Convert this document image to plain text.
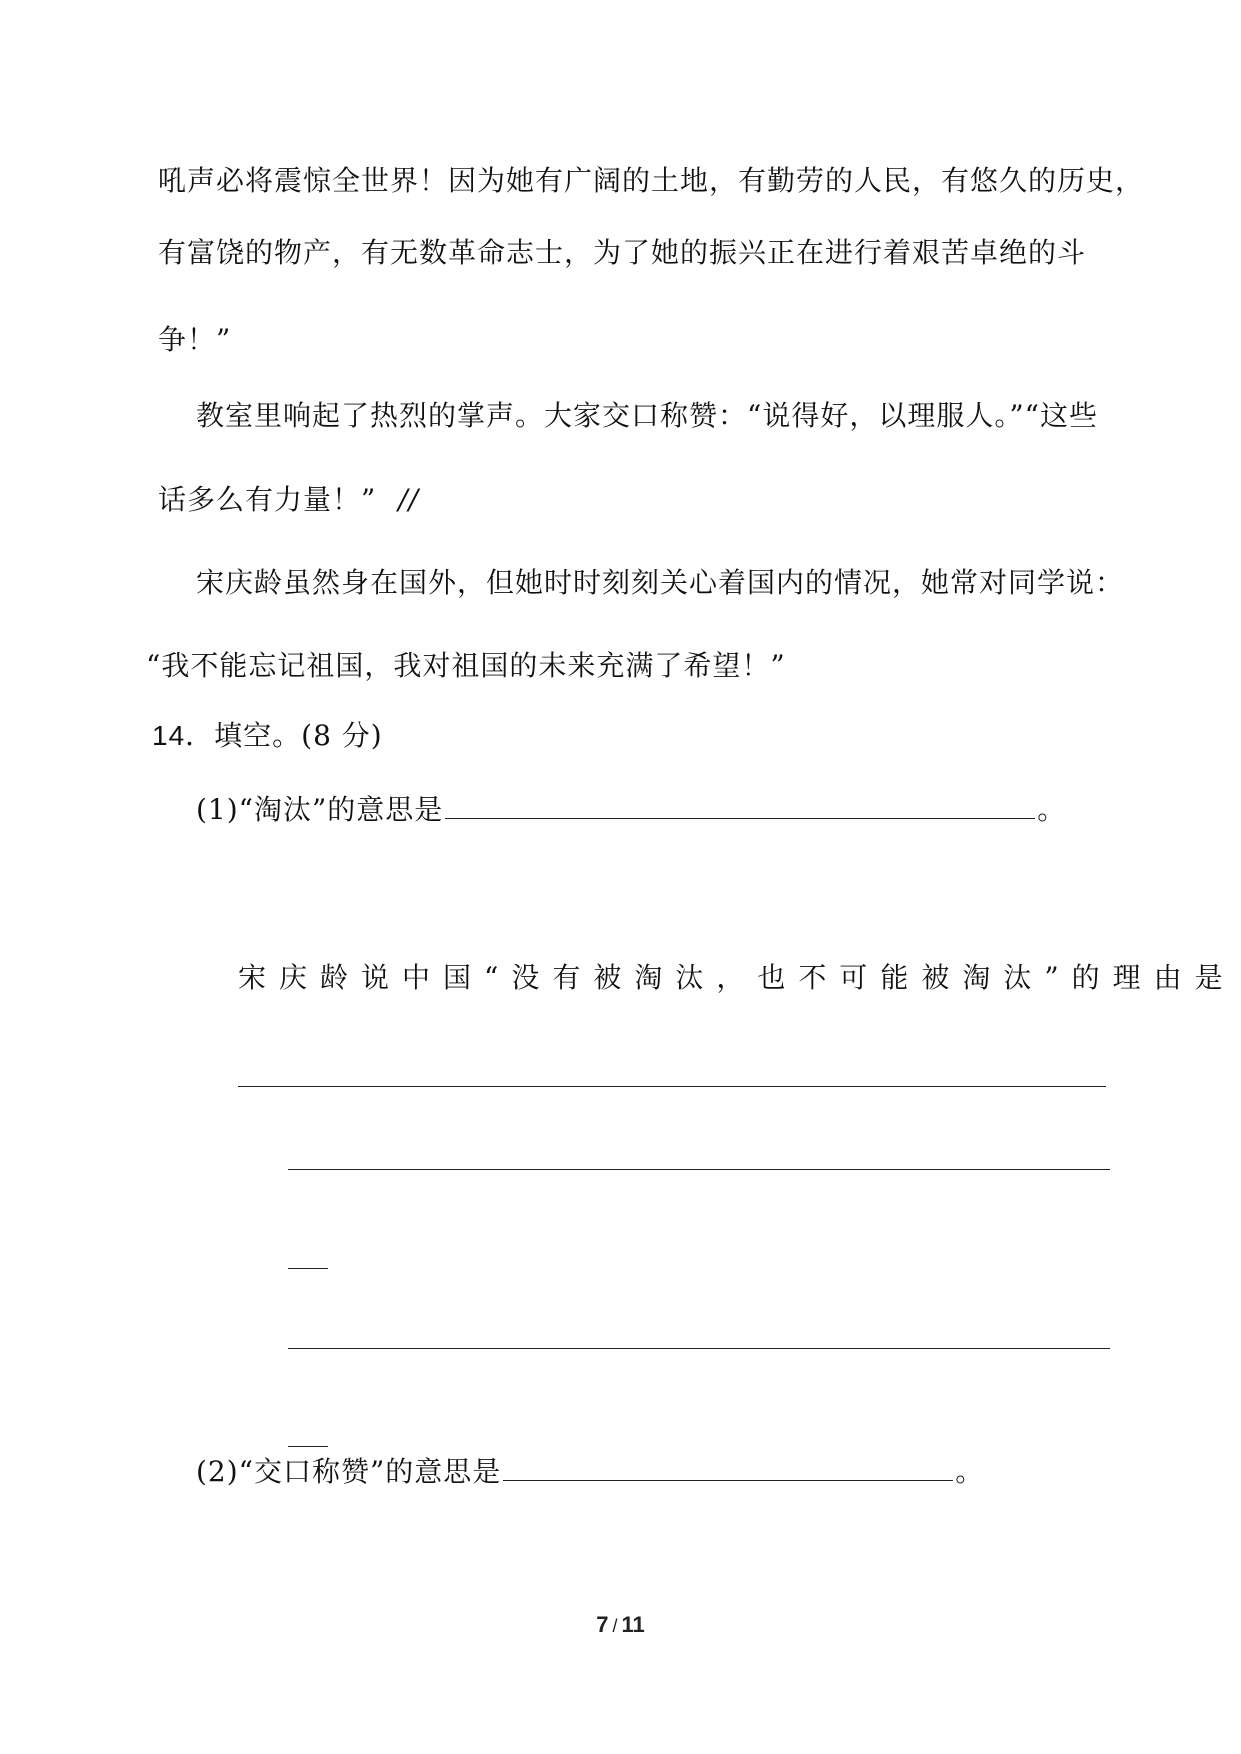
吼声必将震惊全世界！因为她有广阔的土地，有勤劳的人民，有悠久的历史，
有富饶的物产，有无数革命志士，为了她的振兴正在进行着艰苦卓绝的斗
争！”
教室里响起了热烈的掌声。大家交口称赞：“说得好，以理服人。”“这些
话多么有力量！” //
宋庆龄虽然身在国外，但她时时刻刻关心着国内的情况，她常对同学说：
“我不能忘记祖国，我对祖国的未来充满了希望！”
14．填空。(8 分)
(1)“淘汰”的意思是	。
宋庆龄说中国“没有被淘汰，也不可能被淘汰”的理由是
(2)“交口称赞”的意思是	。
7 / 11
